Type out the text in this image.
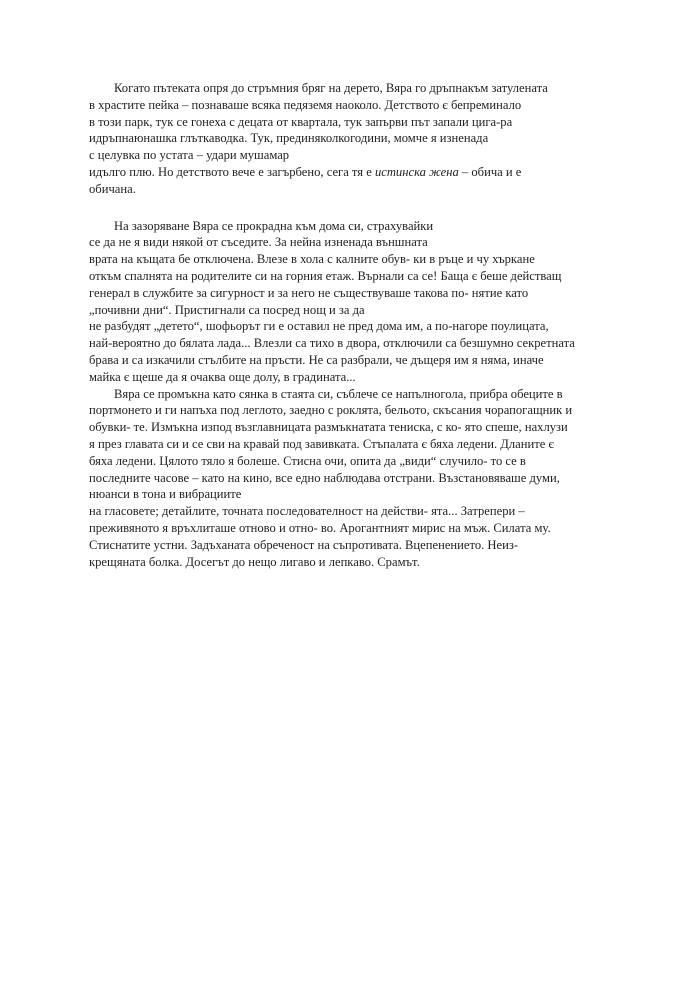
Когато пътеката опря до стръмния бряг на дерето, Вяра го дръпнакъм затулената
в храстите пейка – познаваше всяка педяземя наоколо. Детството є бепреминало
в този парк, тук се гонеха с децата от квартала, тук запърви път запали цига-ра
идръпнаюнашка глъткаводка. Тук, прединяколкогодини, момче я изненада
с целувка по устата – удари мушамар
идълго плю. Но детството вече е загърбено, сега тя е истинска жена – обича и е
обичана.
На зазоряване Вяра се прокрадна към дома си, страхувайки
се да не я види някой от съседите. За нейна изненада външната
врата на къщата бе отключена. Влезе в хола с калните обув- ки в ръце и чу хъркане
откъм спалнята на родителите си на горния етаж. Върнали са се! Баща є беше действащ
генерал в службите за сигурност и за него не съществуваше такова по- нятие като
„почивни дни“. Пристигнали са посред нощ и за да
не разбудят „детето“, шофьорът ги е оставил не пред дома им, а по-нагоре поулицата,
най-вероятно до бялата лада... Влезли са тихо в двора, отключили са безшумно секретната
брава и са изкачили стълбите на пръсти. Не са разбрали, че дъщеря им я няма, иначе
майка є щеше да я очаква още долу, в градината...
Вяра се промъкна като сянка в стаята си, съблече се напълноголa, прибра обеците в
портмонето и ги напъха под леглото, заедно с роклята, бельото, скъсания чорапогащник и
обувки- те. Измъкна изпод възглавницата размъкнатата тениска, с ко- ято спеше, нахлузи
я през главата си и се сви на кравай под завивката. Стъпалата є бяха ледени. Дланите є
бяха ледени. Цялото тяло я болеше. Стисна очи, опита да „види“ случило- то се в
последните часове – като на кино, все едно наблюдава отстрани. Възстановяваше думи,
нюанси в тона и вибрациите
на гласовете; детайлите, точната последователност на действи- ята... Затрепери –
преживяното я връхлиташе отново и отно- во. Арогантният мирис на мъж. Силата му.
Стиснатите устни. Задъханата обреченост на съпротивата. Вцепенението. Неиз-
крещяната болка. Досегът до нещо лигаво и лепкаво. Срамът.
